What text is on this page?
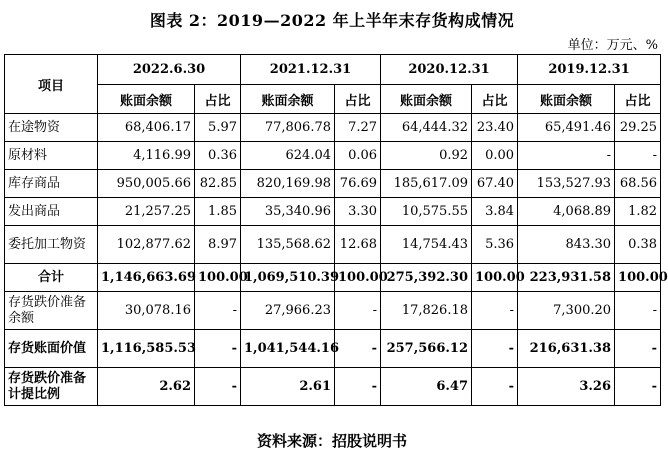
图表 2：2019—2022 年上半年末存货构成情况
单位：万元、%
项目	2022.6.30		2021.12.31		2020.12.31		2019.12.31	
	账面余额	占比	账面余额	占比	账面余额	占比	账面余额	占比
在途物资	68,406.17	5.97	77,806.78	7.27	64,444.32	23.40	65,491.46	29.25
原材料	4,116.99	0.36	624.04	0.06	0.92	0.00	-	-
库存商品	950,005.66	82.85	820,169.98	76.69	185,617.09	67.40	153,527.93	68.56
发出商品	21,257.25	1.85	35,340.96	3.30	10,575.55	3.84	4,068.89	1.82
委托加工物资	102,877.62	8.97	135,568.62	12.68	14,754.43	5.36	843.30	0.38
合计	1,146,663.69	100.00	1,069,510.39	100.00	275,392.30	100.00	223,931.58	100.00
存货跌价准备余额	30,078.16	-	27,966.23	-	17,826.18	-	7,300.20	-
存货账面价值	1,116,585.53	-	1,041,544.16	-	257,566.12	-	216,631.38	-
存货跌价准备计提比例	2.62	-	2.61	-	6.47	-	3.26	-
资料来源：招股说明书
